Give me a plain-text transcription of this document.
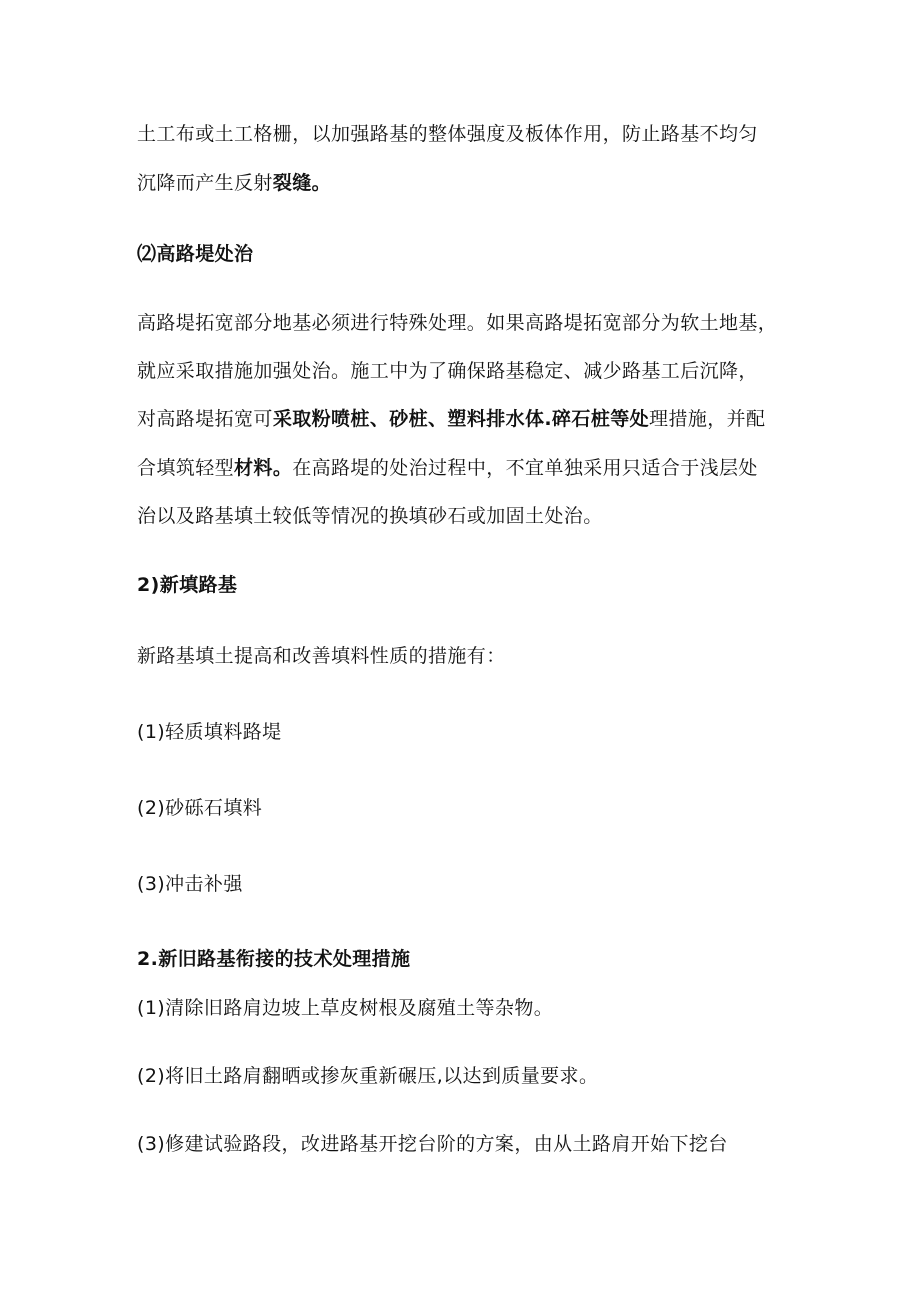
土工布或土工格栅，以加强路基的整体强度及板体作用，防止路基不均匀
沉降而产生反射裂缝。
⑵高路堤处治
高路堤拓宽部分地基必须进行特殊处理。如果高路堤拓宽部分为软土地基，
就应采取措施加强处治。施工中为了确保路基稳定、减少路基工后沉降，
对高路堤拓宽可采取粉喷桩、砂桩、塑料排水体.碎石桩等处理措施，并配
合填筑轻型材料。在高路堤的处治过程中，不宜单独采用只适合于浅层处
治以及路基填土较低等情况的换填砂石或加固土处治。
2)新填路基
新路基填土提高和改善填料性质的措施有：
(1)轻质填料路堤
(2)砂砾石填料
(3)冲击补强
2.新旧路基衔接的技术处理措施
(1)清除旧路肩边坡上草皮树根及腐殖土等杂物。
(2)将旧土路肩翻晒或掺灰重新碾压,以达到质量要求。
(3)修建试验路段，改进路基开挖台阶的方案，由从土路肩开始下挖台
